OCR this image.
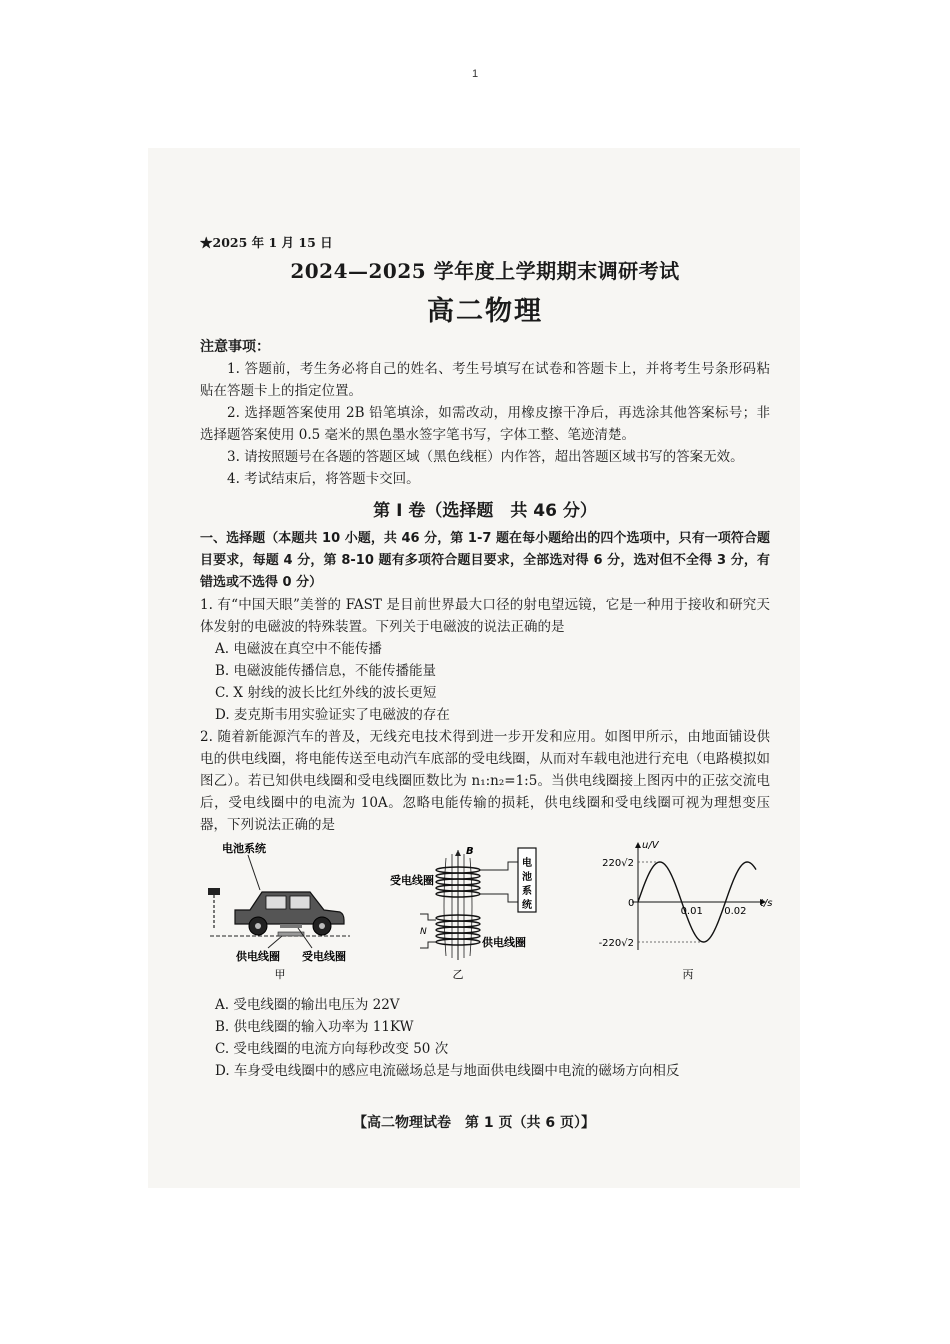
1
★2025 年 1 月 15 日
2024—2025 学年度上学期期末调研考试
高二物理
注意事项：
1. 答题前，考生务必将自己的姓名、考生号填写在试卷和答题卡上，并将考生号条形码粘贴在答题卡上的指定位置。
2. 选择题答案使用 2B 铅笔填涂，如需改动，用橡皮擦干净后，再选涂其他答案标号；非选择题答案使用 0.5 毫米的黑色墨水签字笔书写，字体工整、笔迹清楚。
3. 请按照题号在各题的答题区域（黑色线框）内作答，超出答题区域书写的答案无效。
4. 考试结束后，将答题卡交回。
第 I 卷（选择题　共 46 分）
一、选择题（本题共 10 小题，共 46 分，第 1-7 题在每小题给出的四个选项中，只有一项符合题目要求，每题 4 分，第 8-10 题有多项符合题目要求，全部选对得 6 分，选对但不全得 3 分，有错选或不选得 0 分）
1. 有“中国天眼”美誉的 FAST 是目前世界最大口径的射电望远镜，它是一种用于接收和研究天体发射的电磁波的特殊装置。下列关于电磁波的说法正确的是
A. 电磁波在真空中不能传播
B. 电磁波能传播信息，不能传播能量
C. X 射线的波长比红外线的波长更短
D. 麦克斯韦用实验证实了电磁波的存在
2. 随着新能源汽车的普及，无线充电技术得到进一步开发和应用。如图甲所示，由地面铺设供电的供电线圈，将电能传送至电动汽车底部的受电线圈，从而对车载电池进行充电（电路模拟如图乙）。若已知供电线圈和受电线圈匝数比为 n₁:n₂=1:5。当供电线圈接上图丙中的正弦交流电后，受电线圈中的电流为 10A。忽略电能传输的损耗，供电线圈和受电线圈可视为理想变压器，下列说法正确的是
电池系统
供电线圈 受电线圈
甲
受电线圈
B
电
池
系
统
N
供电线圈
乙
u/V
t/s
0
220√2
-220√2
0.01 0.02
丙
A. 受电线圈的输出电压为 22V
B. 供电线圈的输入功率为 11KW
C. 受电线圈的电流方向每秒改变 50 次
D. 车身受电线圈中的感应电流磁场总是与地面供电线圈中电流的磁场方向相反
【高二物理试卷　第 1 页（共 6 页）】
